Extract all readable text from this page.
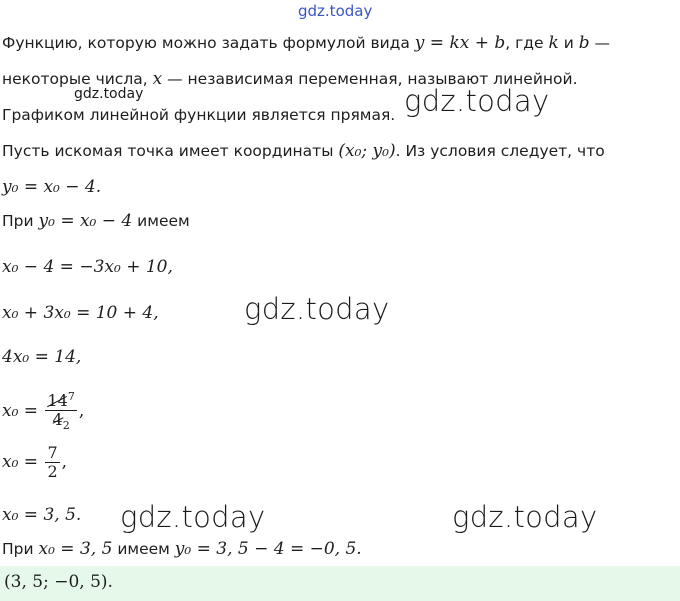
gdz.today
Функцию, которую можно задать формулой вида y = kx + b, где k и b —
некоторые числа, x — независимая переменная, называют линейной.
gdz.today
Графиком линейной функции является прямая. gdz.today
Пусть искомая точка имеет координаты (x₀; y₀). Из условия следует, что
y₀ = x₀ − 4.
При y₀ = x₀ − 4 имеем
x₀ − 4 = −3x₀ + 10,
x₀ + 3x₀ = 10 + 4,	gdz.today
4x₀ = 14,
$x_0 = \frac{14^7}{4_2}$ ,
$x_0 = \frac{7}{2}$ ,
x₀ = 3, 5. gdz.today	gdz.today
При x₀ = 3, 5 имеем y₀ = 3, 5 − 4 = −0, 5.
(3, 5; −0, 5).
